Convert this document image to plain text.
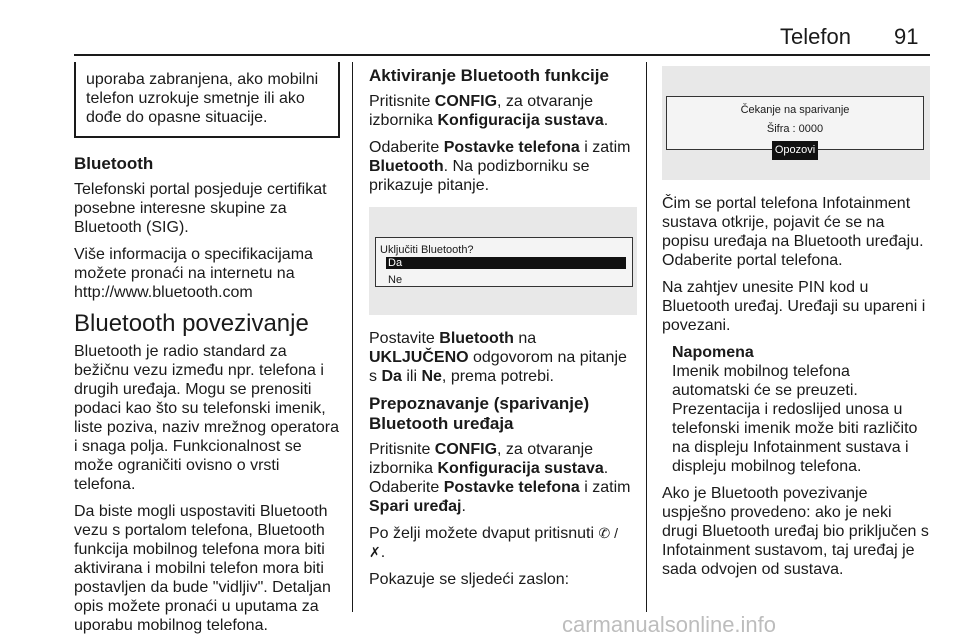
Telefon 91
uporaba zabranjena, ako mobilni telefon uzrokuje smetnje ili ako dođe do opasne situacije.
Bluetooth

Telefonski portal posjeduje certifikat posebne interesne skupine za Bluetooth (SIG).

Više informacija o specifikacijama možete pronaći na internetu na http://www.bluetooth.com

Bluetooth povezivanje

Bluetooth je radio standard za bežičnu vezu između npr. telefona i drugih uređaja. Mogu se prenositi podaci kao što su telefonski imenik, liste poziva, naziv mrežnog operatora i snaga polja. Funkcionalnost se može ograničiti ovisno o vrsti telefona.

Da biste mogli uspostaviti Bluetooth vezu s portalom telefona, Bluetooth funkcija mobilnog telefona mora biti aktivirana i mobilni telefon mora biti postavljen da bude "vidljiv". Detaljan opis možete pronaći u uputama za uporabu mobilnog telefona.

Aktiviranje Bluetooth funkcije

Pritisnite CONFIG, za otvaranje izbornika Konfiguracija sustava.

Odaberite Postavke telefona i zatim Bluetooth. Na podizborniku se prikazuje pitanje.

Uključiti Bluetooth?
Da
Ne

Postavite Bluetooth na UKLJUČENO odgovorom na pitanje s Da ili Ne, prema potrebi.

Prepoznavanje (sparivanje) Bluetooth uređaja

Pritisnite CONFIG, za otvaranje izbornika Konfiguracija sustava. Odaberite Postavke telefona i zatim Spari uređaj.

Po želji možete dvaput pritisnuti ✆ / ✗.

Pokazuje se sljedeći zaslon:

Čekanje na sparivanje
Šifra : 0000
Opozovi

Čim se portal telefona Infotainment sustava otkrije, pojavit će se na popisu uređaja na Bluetooth uređaju. Odaberite portal telefona.

Na zahtjev unesite PIN kod u Bluetooth uređaj. Uređaji su upareni i povezani.

Napomena
Imenik mobilnog telefona automatski će se preuzeti. Prezentacija i redoslijed unosa u telefonski imenik može biti različito na displeju Infotainment sustava i displeju mobilnog telefona.

Ako je Bluetooth povezivanje uspješno provedeno: ako je neki drugi Bluetooth uređaj bio priključen s Infotainment sustavom, taj uređaj je sada odvojen od sustava.

carmanualsonline.info
